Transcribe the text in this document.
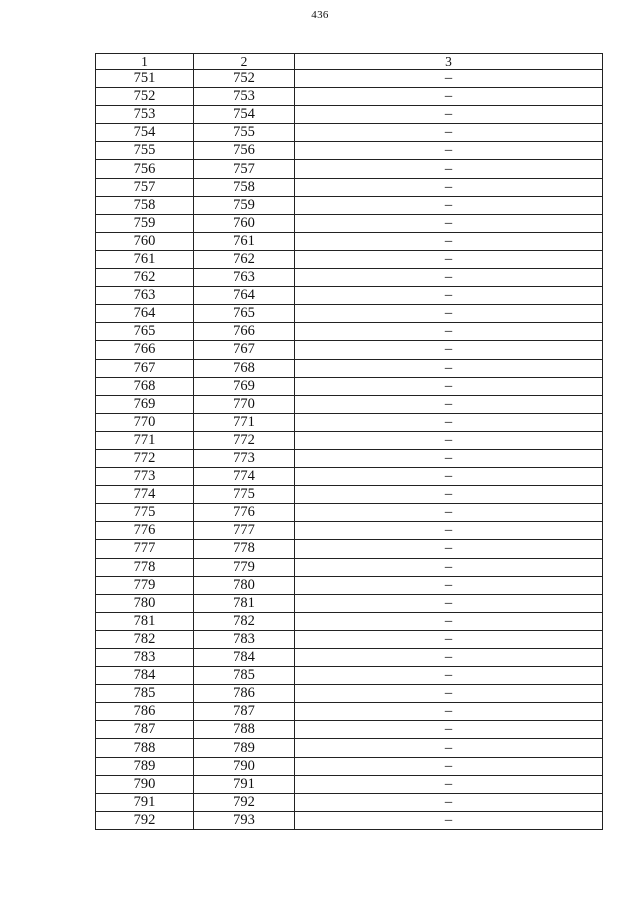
436
1	2	3
751	752	–
752	753	–
753	754	–
754	755	–
755	756	–
756	757	–
757	758	–
758	759	–
759	760	–
760	761	–
761	762	–
762	763	–
763	764	–
764	765	–
765	766	–
766	767	–
767	768	–
768	769	–
769	770	–
770	771	–
771	772	–
772	773	–
773	774	–
774	775	–
775	776	–
776	777	–
777	778	–
778	779	–
779	780	–
780	781	–
781	782	–
782	783	–
783	784	–
784	785	–
785	786	–
786	787	–
787	788	–
788	789	–
789	790	–
790	791	–
791	792	–
792	793	–
